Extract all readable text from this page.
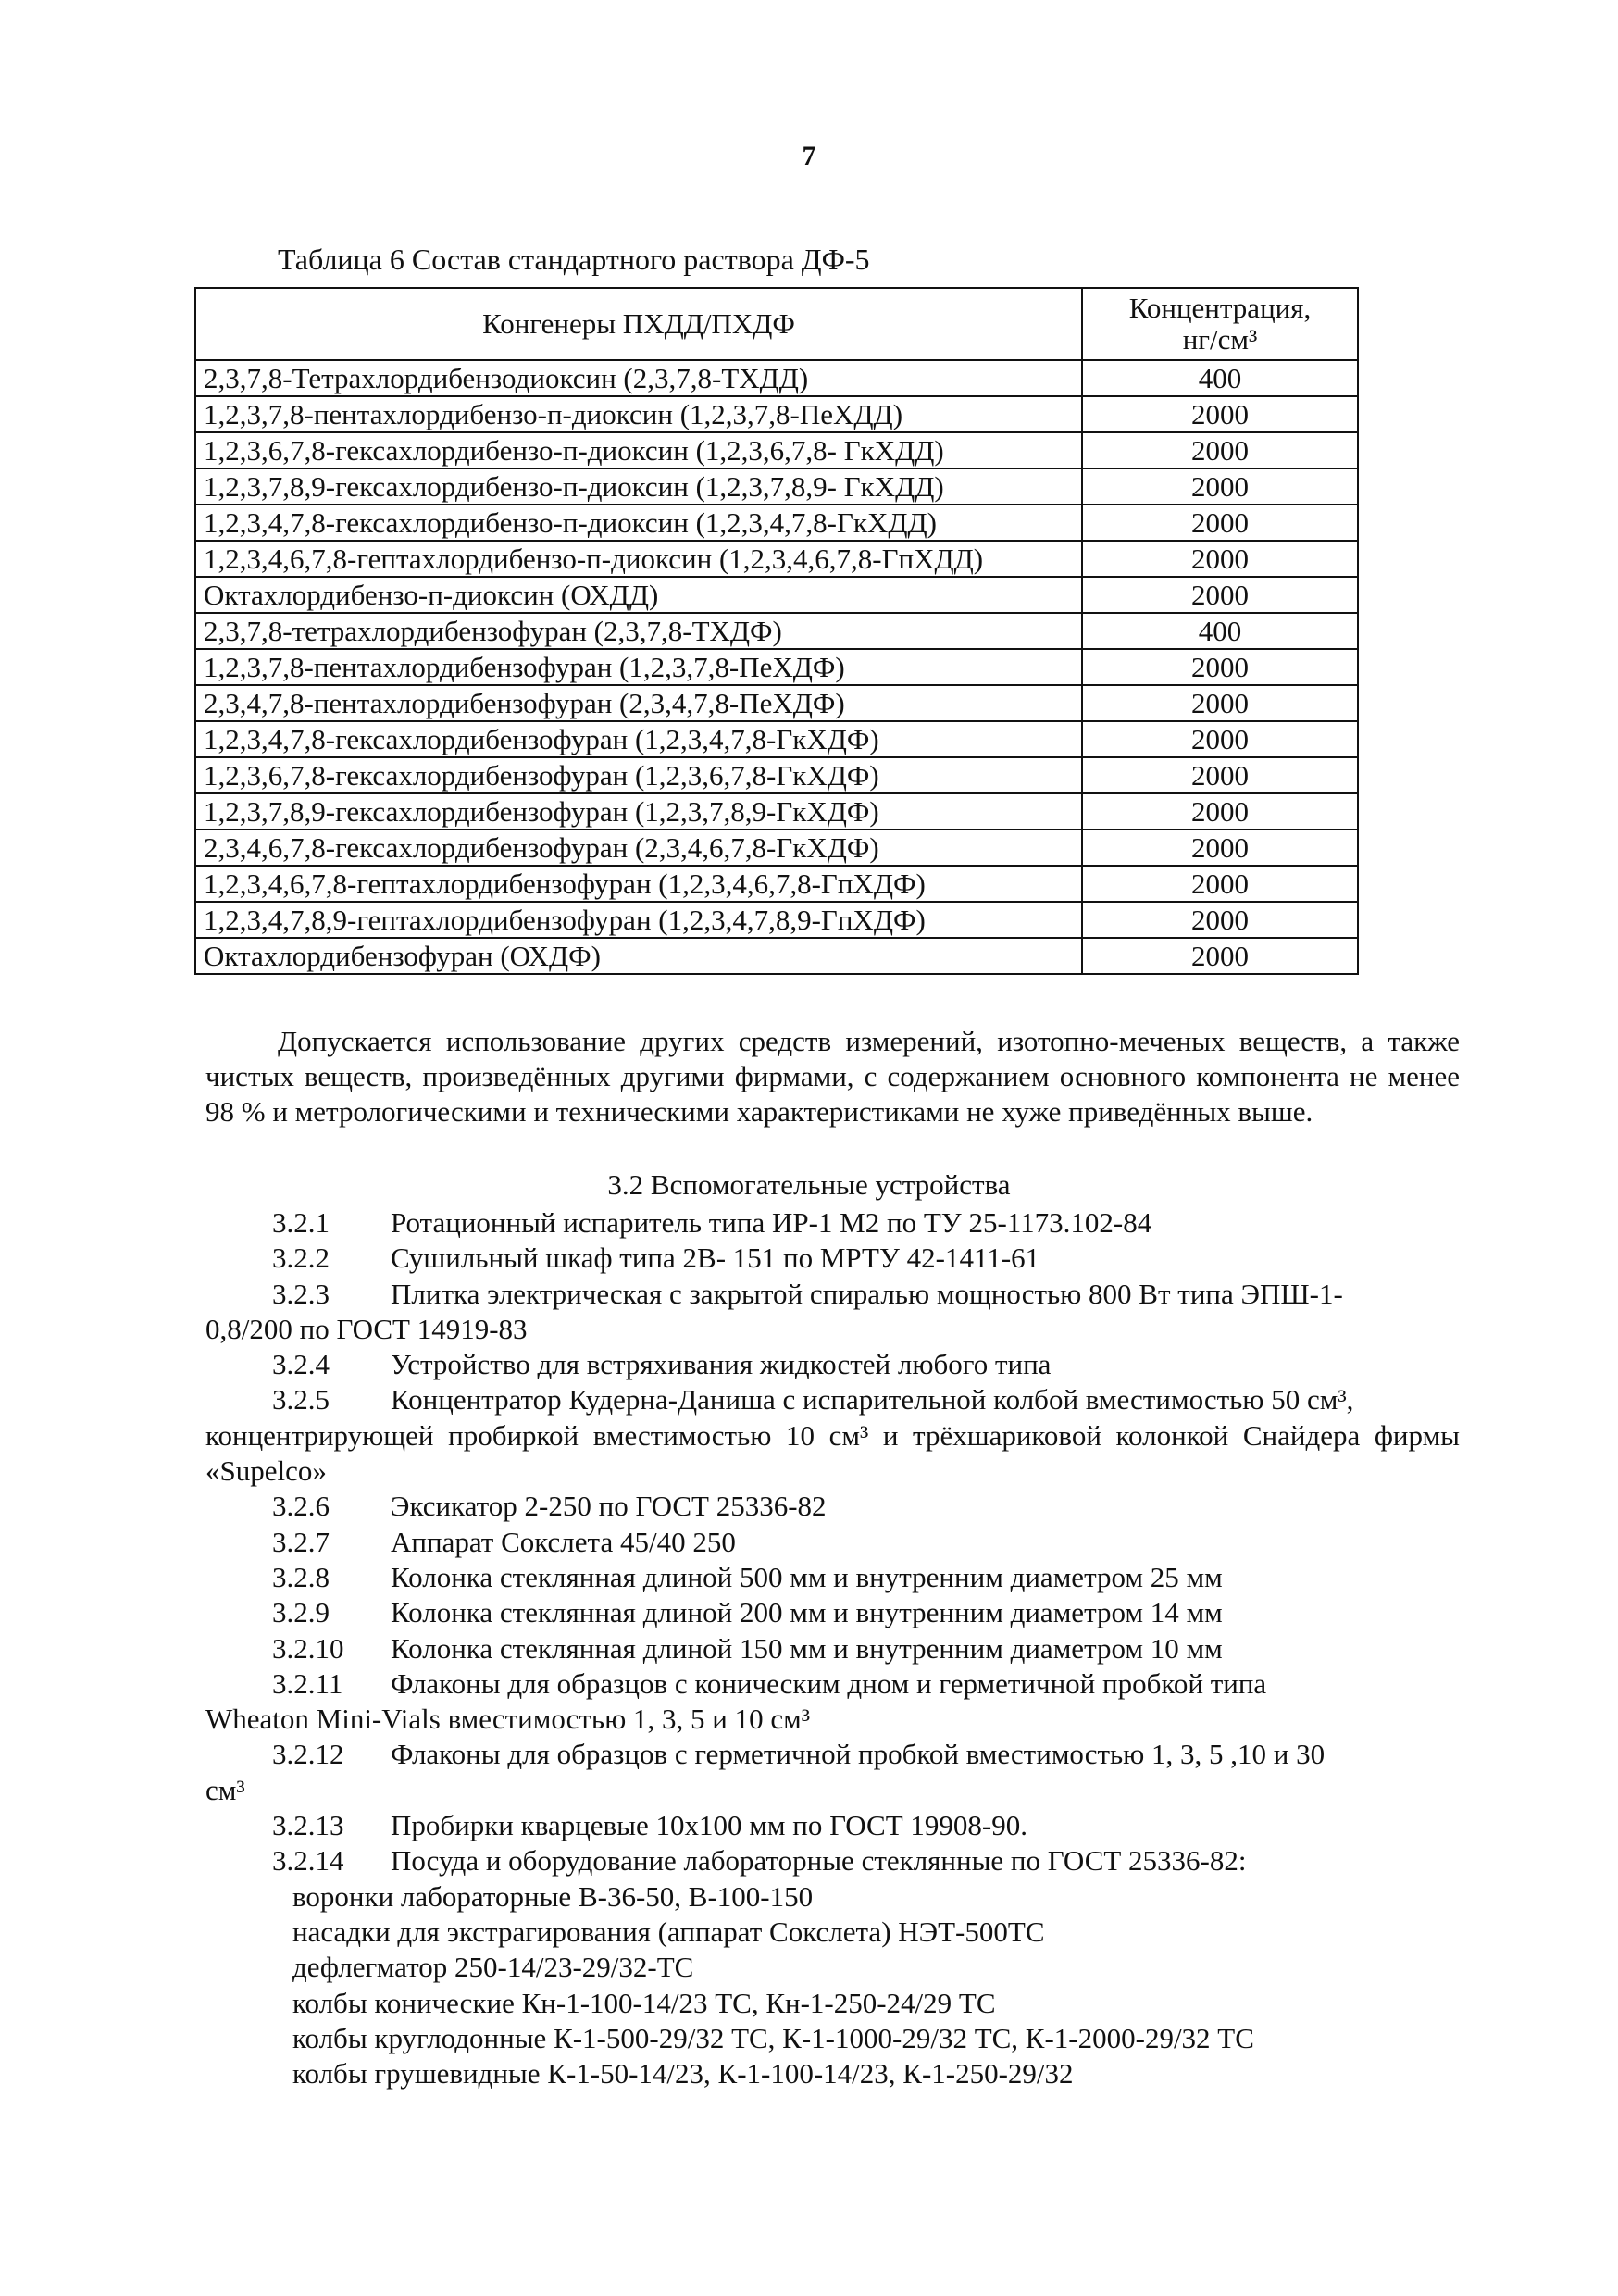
7
Таблица 6 Состав стандартного раствора ДФ-5
Конгенеры ПХДД/ПХДФ	Концентрация,
нг/см³

2,3,7,8-Тетрахлордибензодиоксин (2,3,7,8-ТХДД)	400
1,2,3,7,8-пентахлордибензо-п-диоксин (1,2,3,7,8-ПеХДД)	2000
1,2,3,6,7,8-гексахлордибензо-п-диоксин (1,2,3,6,7,8- ГкХДД)	2000
1,2,3,7,8,9-гексахлордибензо-п-диоксин (1,2,3,7,8,9- ГкХДД)	2000
1,2,3,4,7,8-гексахлордибензо-п-диоксин (1,2,3,4,7,8-ГкХДД)	2000
1,2,3,4,6,7,8-гептахлордибензо-п-диоксин (1,2,3,4,6,7,8-ГпХДД)	2000
Октахлордибензо-п-диоксин (ОХДД)	2000
2,3,7,8-тетрахлордибензофуран (2,3,7,8-ТХДФ)	400
1,2,3,7,8-пентахлордибензофуран (1,2,3,7,8-ПеХДФ)	2000
2,3,4,7,8-пентахлордибензофуран (2,3,4,7,8-ПеХДФ)	2000
1,2,3,4,7,8-гексахлордибензофуран (1,2,3,4,7,8-ГкХДФ)	2000
1,2,3,6,7,8-гексахлордибензофуран (1,2,3,6,7,8-ГкХДФ)	2000
1,2,3,7,8,9-гексахлордибензофуран (1,2,3,7,8,9-ГкХДФ)	2000
2,3,4,6,7,8-гексахлордибензофуран (2,3,4,6,7,8-ГкХДФ)	2000
1,2,3,4,6,7,8-гептахлордибензофуран (1,2,3,4,6,7,8-ГпХДФ)	2000
1,2,3,4,7,8,9-гептахлордибензофуран (1,2,3,4,7,8,9-ГпХДФ)	2000
Октахлордибензофуран (ОХДФ)	2000
Допускается использование других средств измерений, изотопно-меченых веществ, а также чистых веществ, произведённых другими фирмами, с содержанием основного компонента не менее 98 % и метрологическими и техническими характеристиками не хуже приведённых выше.
3.2 Вспомогательные устройства
3.2.1	Ротационный испаритель типа ИР-1 М2 по ТУ 25-1173.102-84
3.2.2	Сушильный шкаф типа 2В- 151 по МРТУ 42-1411-61
3.2.3	Плитка электрическая с закрытой спиралью мощностью 800 Вт типа ЭПШ-1-
0,8/200 по ГОСТ 14919-83
3.2.4	Устройство для встряхивания жидкостей любого типа
3.2.5	Концентратор Кудерна-Даниша с испарительной колбой вместимостью 50 см³,
концентрирующей пробиркой вместимостью 10 см³ и трёхшариковой колонкой Снайдера фирмы «Supelco»
3.2.6	Эксикатор 2-250 по ГОСТ 25336-82
3.2.7	Аппарат Сокслета 45/40 250
3.2.8	Колонка стеклянная длиной 500 мм и внутренним диаметром 25 мм
3.2.9	Колонка стеклянная длиной 200 мм и внутренним диаметром 14 мм
3.2.10	Колонка стеклянная длиной 150 мм и внутренним диаметром 10 мм
3.2.11	Флаконы для образцов с коническим дном и герметичной пробкой типа
Wheaton Mini-Vials вместимостью 1, 3, 5 и 10 см³
3.2.12	Флаконы для образцов с герметичной пробкой вместимостью 1, 3, 5 ,10 и 30
см³
3.2.13	Пробирки кварцевые 10х100 мм по ГОСТ 19908-90.
3.2.14	Посуда и оборудование лабораторные стеклянные по ГОСТ 25336-82:
воронки лабораторные В-36-50, В-100-150
насадки для экстрагирования (аппарат Сокслета) НЭТ-500ТС
дефлегматор 250-14/23-29/32-ТС
колбы конические Кн-1-100-14/23 ТС, Кн-1-250-24/29 ТС
колбы круглодонные К-1-500-29/32 ТС, К-1-1000-29/32 ТС, К-1-2000-29/32 ТС
колбы грушевидные К-1-50-14/23, К-1-100-14/23, К-1-250-29/32
